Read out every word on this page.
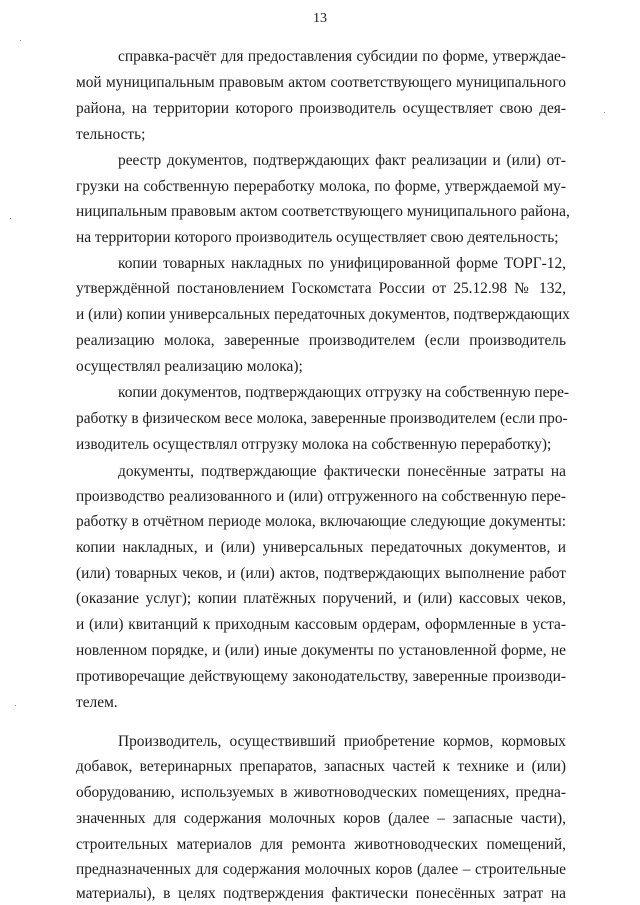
13
справка-расчёт для предоставления субсидии по форме, утверждае-
мой муниципальным правовым актом соответствующего муниципального
района, на территории которого производитель осуществляет свою дея-
тельность;
реестр документов, подтверждающих факт реализации и (или) от-
грузки на собственную переработку молока, по форме, утверждаемой му-
ниципальным правовым актом соответствующего муниципального района,
на территории которого производитель осуществляет свою деятельность;
копии товарных накладных по унифицированной форме ТОРГ-12,
утверждённой постановлением Госкомстата России от 25.12.98 № 132,
и (или) копии универсальных передаточных документов, подтверждающих
реализацию молока, заверенные производителем (если производитель
осуществлял реализацию молока);
копии документов, подтверждающих отгрузку на собственную пере-
работку в физическом весе молока, заверенные производителем (если про-
изводитель осуществлял отгрузку молока на собственную переработку);
документы, подтверждающие фактически понесённые затраты на
производство реализованного и (или) отгруженного на собственную пере-
работку в отчётном периоде молока, включающие следующие документы:
копии накладных, и (или) универсальных передаточных документов, и
(или) товарных чеков, и (или) актов, подтверждающих выполнение работ
(оказание услуг); копии платёжных поручений, и (или) кассовых чеков,
и (или) квитанций к приходным кассовым ордерам, оформленные в уста-
новленном порядке, и (или) иные документы по установленной форме, не
противоречащие действующему законодательству, заверенные производи-
телем.
Производитель, осуществивший приобретение кормов, кормовых
добавок, ветеринарных препаратов, запасных частей к технике и (или)
оборудованию, используемых в животноводческих помещениях, предна-
значенных для содержания молочных коров (далее – запасные части),
строительных материалов для ремонта животноводческих помещений,
предназначенных для содержания молочных коров (далее – строительные
материалы), в целях подтверждения фактически понесённых затрат на
